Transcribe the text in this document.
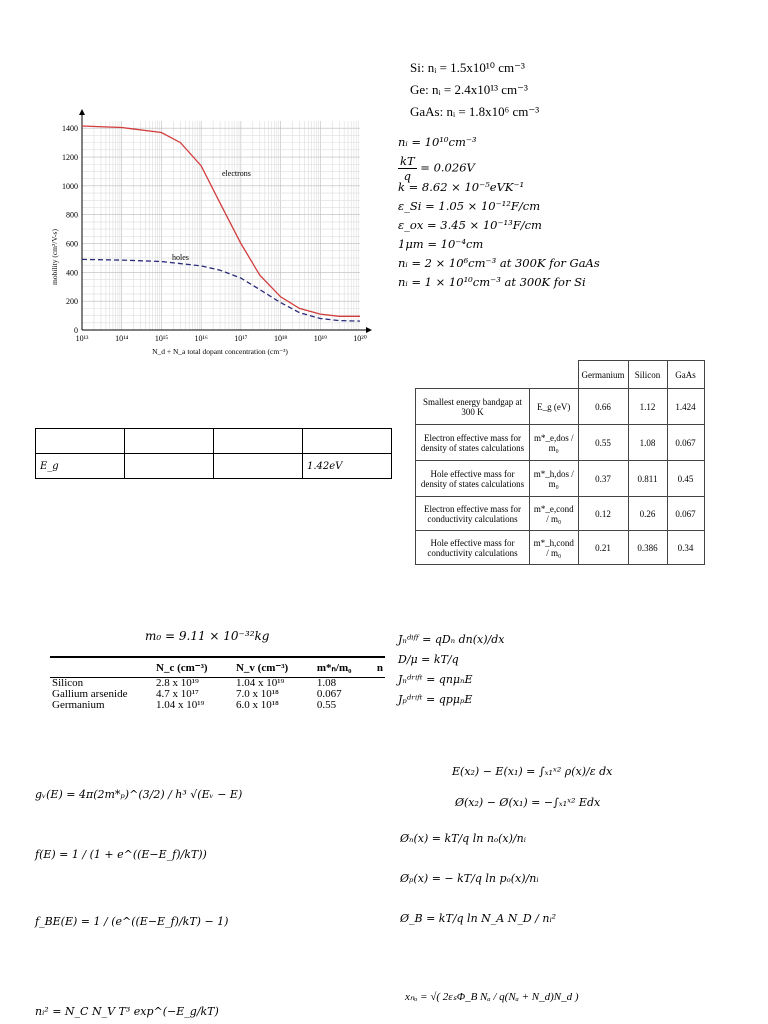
10¹³	10¹⁴	10¹⁵	10¹⁶	10¹⁷	10¹⁸	10¹⁹	10²⁰
0
200
400
600
800
1000
1200
1400
electrons
holes
mobility (cm²/V-s)
N_d + N_a total dopant concentration (cm⁻³)
Si: nᵢ = 1.5x10¹⁰ cm⁻³
Ge: nᵢ = 2.4x10¹³ cm⁻³
GaAs: nᵢ = 1.8x10⁶ cm⁻³
nᵢ = 10¹⁰cm⁻³
$\frac{kT}{q} = 0.026V$
k = 8.62 × 10⁻⁵eVK⁻¹
ε_Si = 1.05 × 10⁻¹²F/cm
ε_ox = 3.45 × 10⁻¹³F/cm
1μm = 10⁻⁴cm
nᵢ = 2 × 10⁶cm⁻³ at 300K for GaAs
nᵢ = 1 × 10¹⁰cm⁻³ at 300K for Si
		Germanium	Silicon	GaAs
Smallest energy bandgap at 300 K	E_g (eV)	0.66	1.12	1.424
Electron effective mass for density of states calculations	m*_e,dos / m₀	0.55	1.08	0.067
Hole effective mass for density of states calculations	m*_h,dos / m₀	0.37	0.811	0.45
Electron effective mass for conductivity calculations	m*_e,cond / m₀	0.12	0.26	0.067
Hole effective mass for conductivity calculations	m*_h,cond / m₀	0.21	0.386	0.34

E_g			1.42eV
m₀ = 9.11 × 10⁻³²kg
	N_c (cm⁻³)	N_v (cm⁻³)	m*ₙ/m₀	n
Silicon	2.8 x 10¹⁹	1.04 x 10¹⁹	1.08	
Gallium arsenide	4.7 x 10¹⁷	7.0 x 10¹⁸	0.067	
Germanium	1.04 x 10¹⁹	6.0 x 10¹⁸	0.55	
Jₙᵈⁱᶠᶠ = qDₙ dn(x)/dx
D/μ = kT/q
Jₙᵈʳⁱᶠᵗ = qnμₙE
Jₚᵈʳⁱᶠᵗ = qpμₚE
E(x₂) − E(x₁) = ∫ₓ₁ˣ² ρ(x)/ε dx
Ø(x₂) − Ø(x₁) = −∫ₓ₁ˣ² Edx
Øₙ(x) = kT/q ln nₒ(x)/nᵢ
Øₚ(x) = − kT/q ln pₒ(x)/nᵢ
Ø_B = kT/q ln N_A N_D / nᵢ²
xₙₒ = √( 2εₛΦ_B Nₐ / q(Nₐ + N_d)N_d )
gᵥ(E) = 4π(2m*ₚ)^(3/2) / h³ √(Eᵥ − E)
f(E) = 1 / (1 + e^((E−E_f)/kT))
f_BE(E) = 1 / (e^((E−E_f)/kT) − 1)
nᵢ² = N_C N_V T³ exp^(−E_g/kT)
